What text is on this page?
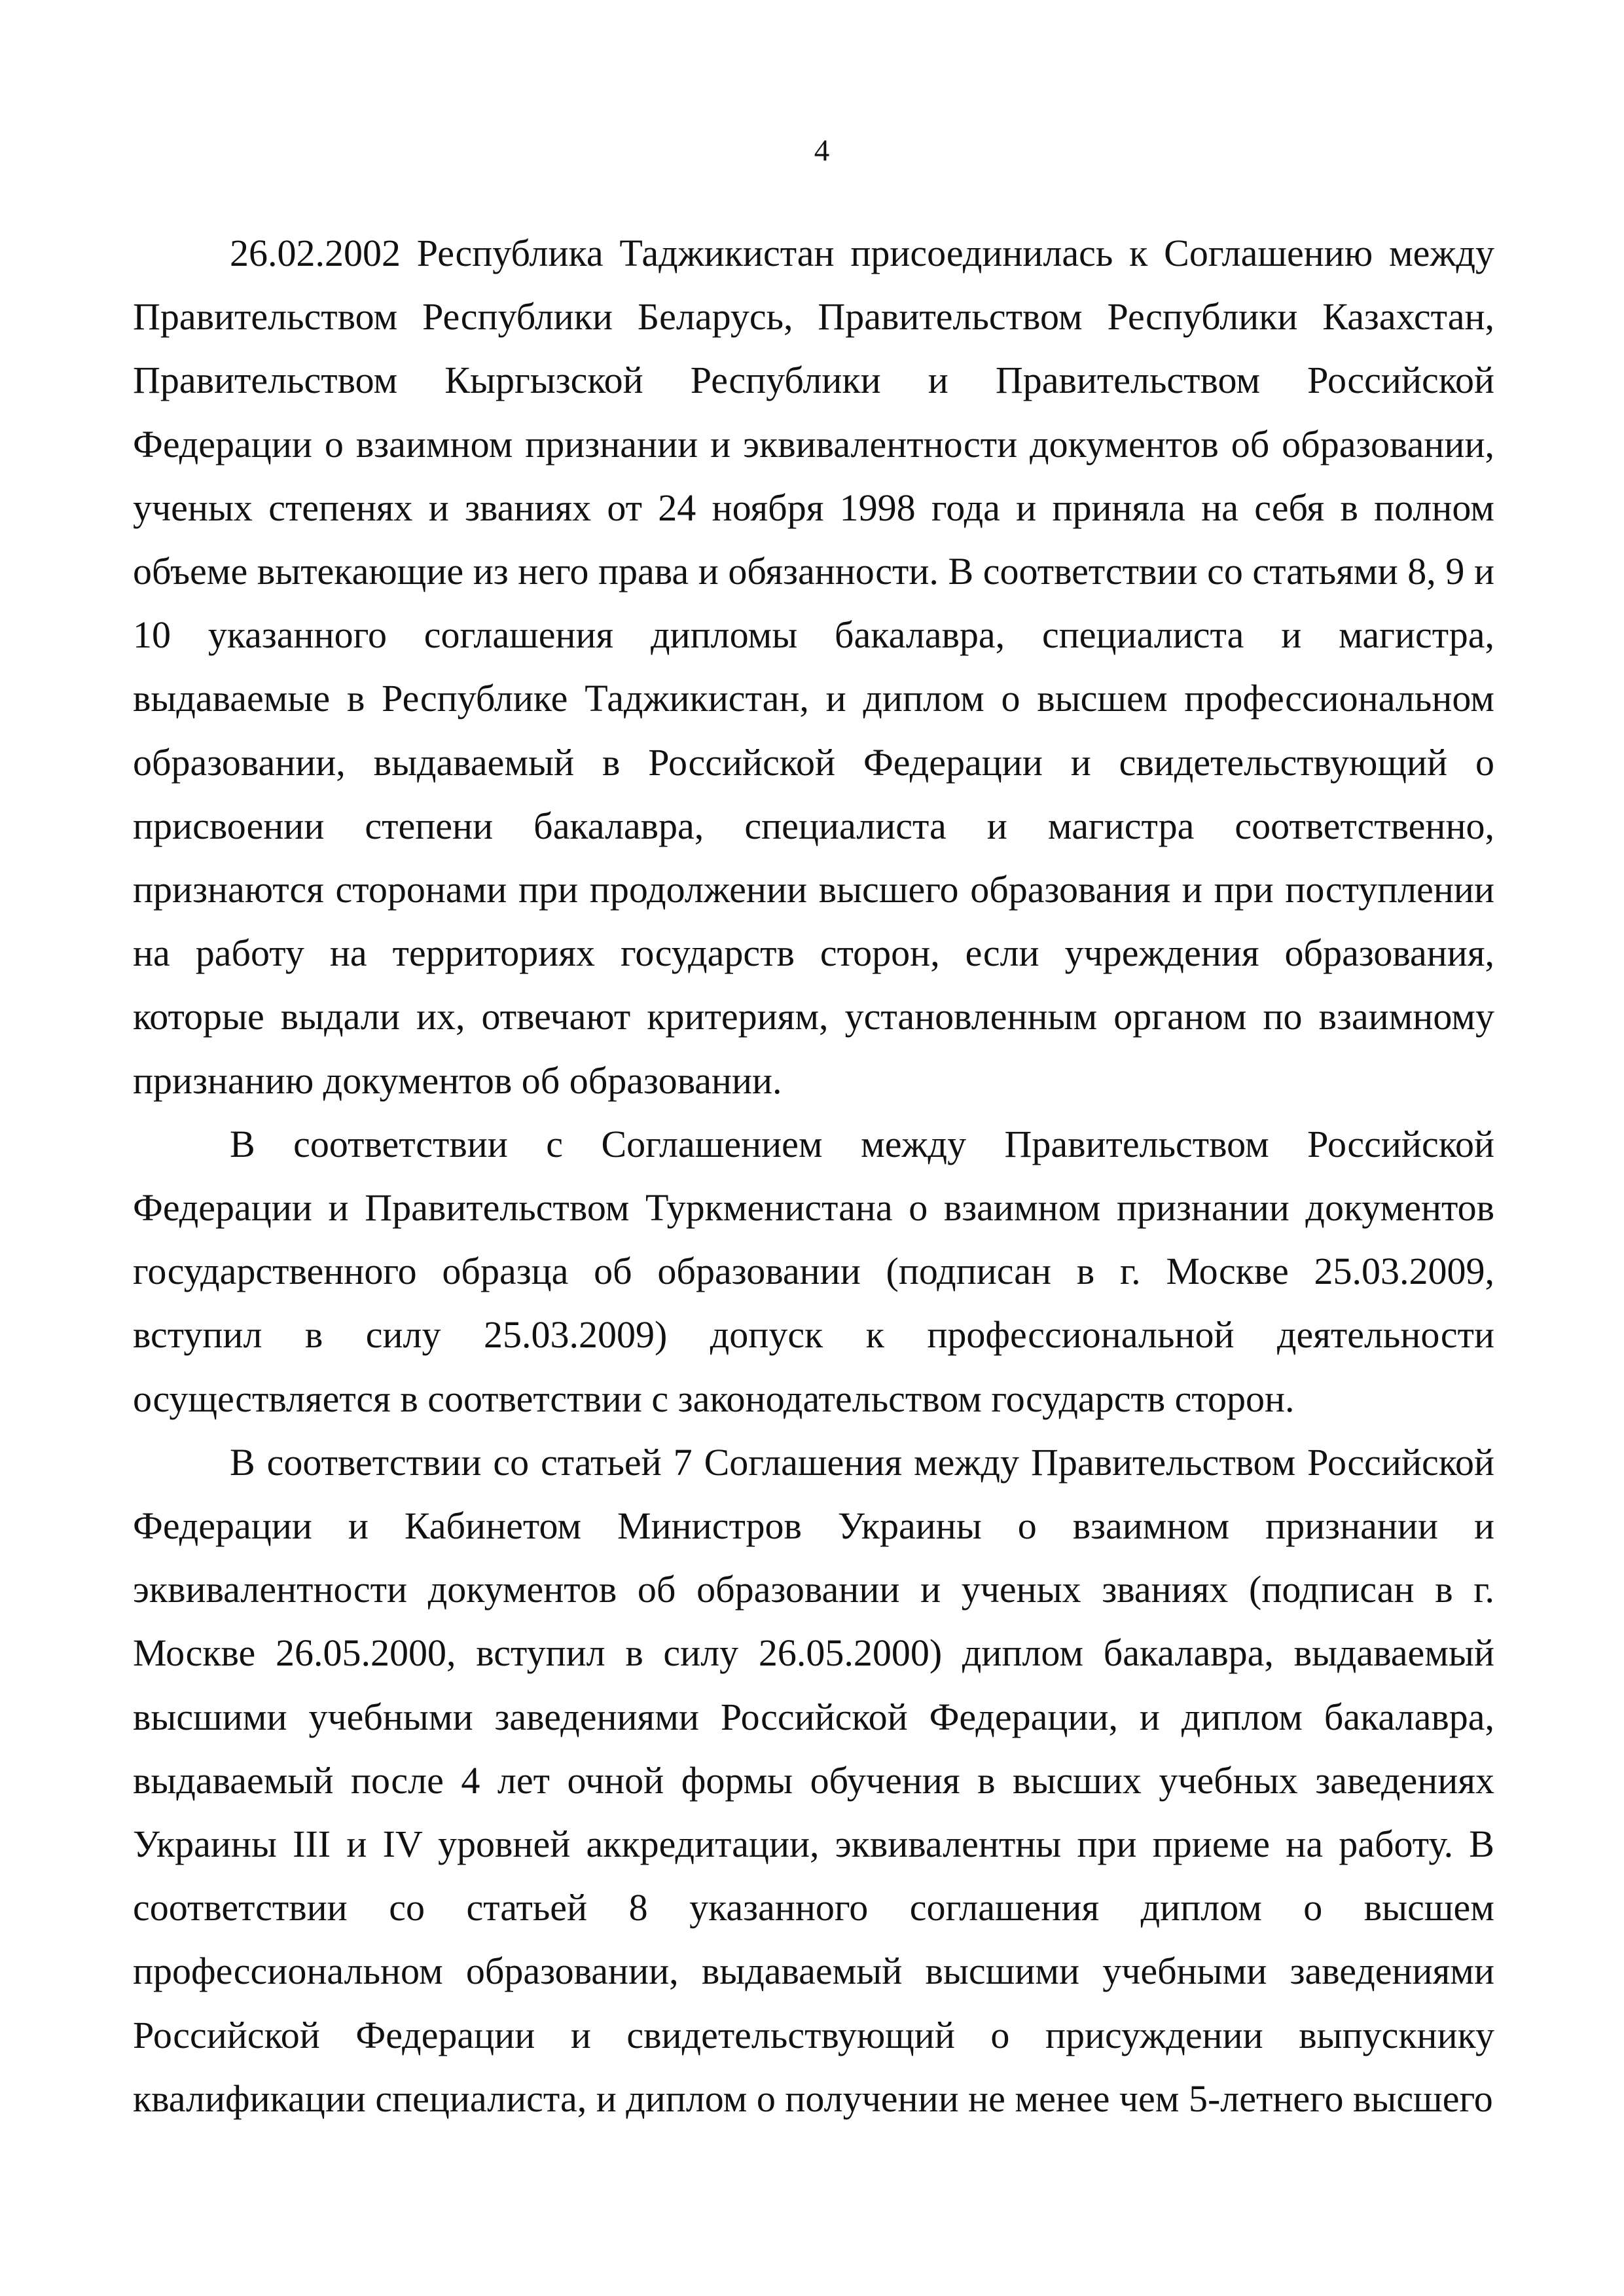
4

26.02.2002 Республика Таджикистан присоединилась к Соглашению между Правительством Республики Беларусь, Правительством Республики Казахстан, Правительством Кыргызской Республики и Правительством Российской Федерации о взаимном признании и эквивалентности документов об образовании, ученых степенях и званиях от 24 ноября 1998 года и приняла на себя в полном объеме вытекающие из него права и обязанности. В соответствии со статьями 8, 9 и 10 указанного соглашения дипломы бакалавра, специалиста и магистра, выдаваемые в Республике Таджикистан, и диплом о высшем профессиональном образовании, выдаваемый в Российской Федерации и свидетельствующий о присвоении степени бакалавра, специалиста и магистра соответственно, признаются сторонами при продолжении высшего образования и при поступлении на работу на территориях государств сторон, если учреждения образования, которые выдали их, отвечают критериям, установленным органом по взаимному признанию документов об образовании.

В соответствии с Соглашением между Правительством Российской Федерации и Правительством Туркменистана о взаимном признании документов государственного образца об образовании (подписан в г. Москве 25.03.2009, вступил в силу 25.03.2009) допуск к профессиональной деятельности осуществляется в соответствии с законодательством государств сторон.

В соответствии со статьей 7 Соглашения между Правительством Российской Федерации и Кабинетом Министров Украины о взаимном признании и эквивалентности документов об образовании и ученых званиях (подписан в г. Москве 26.05.2000, вступил в силу 26.05.2000) диплом бакалавра, выдаваемый высшими учебными заведениями Российской Федерации, и диплом бакалавра, выдаваемый после 4 лет очной формы обучения в высших учебных заведениях Украины III и IV уровней аккредитации, эквивалентны при приеме на работу. В соответствии со статьей 8 указанного соглашения диплом о высшем профессиональном образовании, выдаваемый высшими учебными заведениями Российской Федерации и свидетельствующий о присуждении выпускнику квалификации специалиста, и диплом о получении не менее чем 5-летнего высшего
